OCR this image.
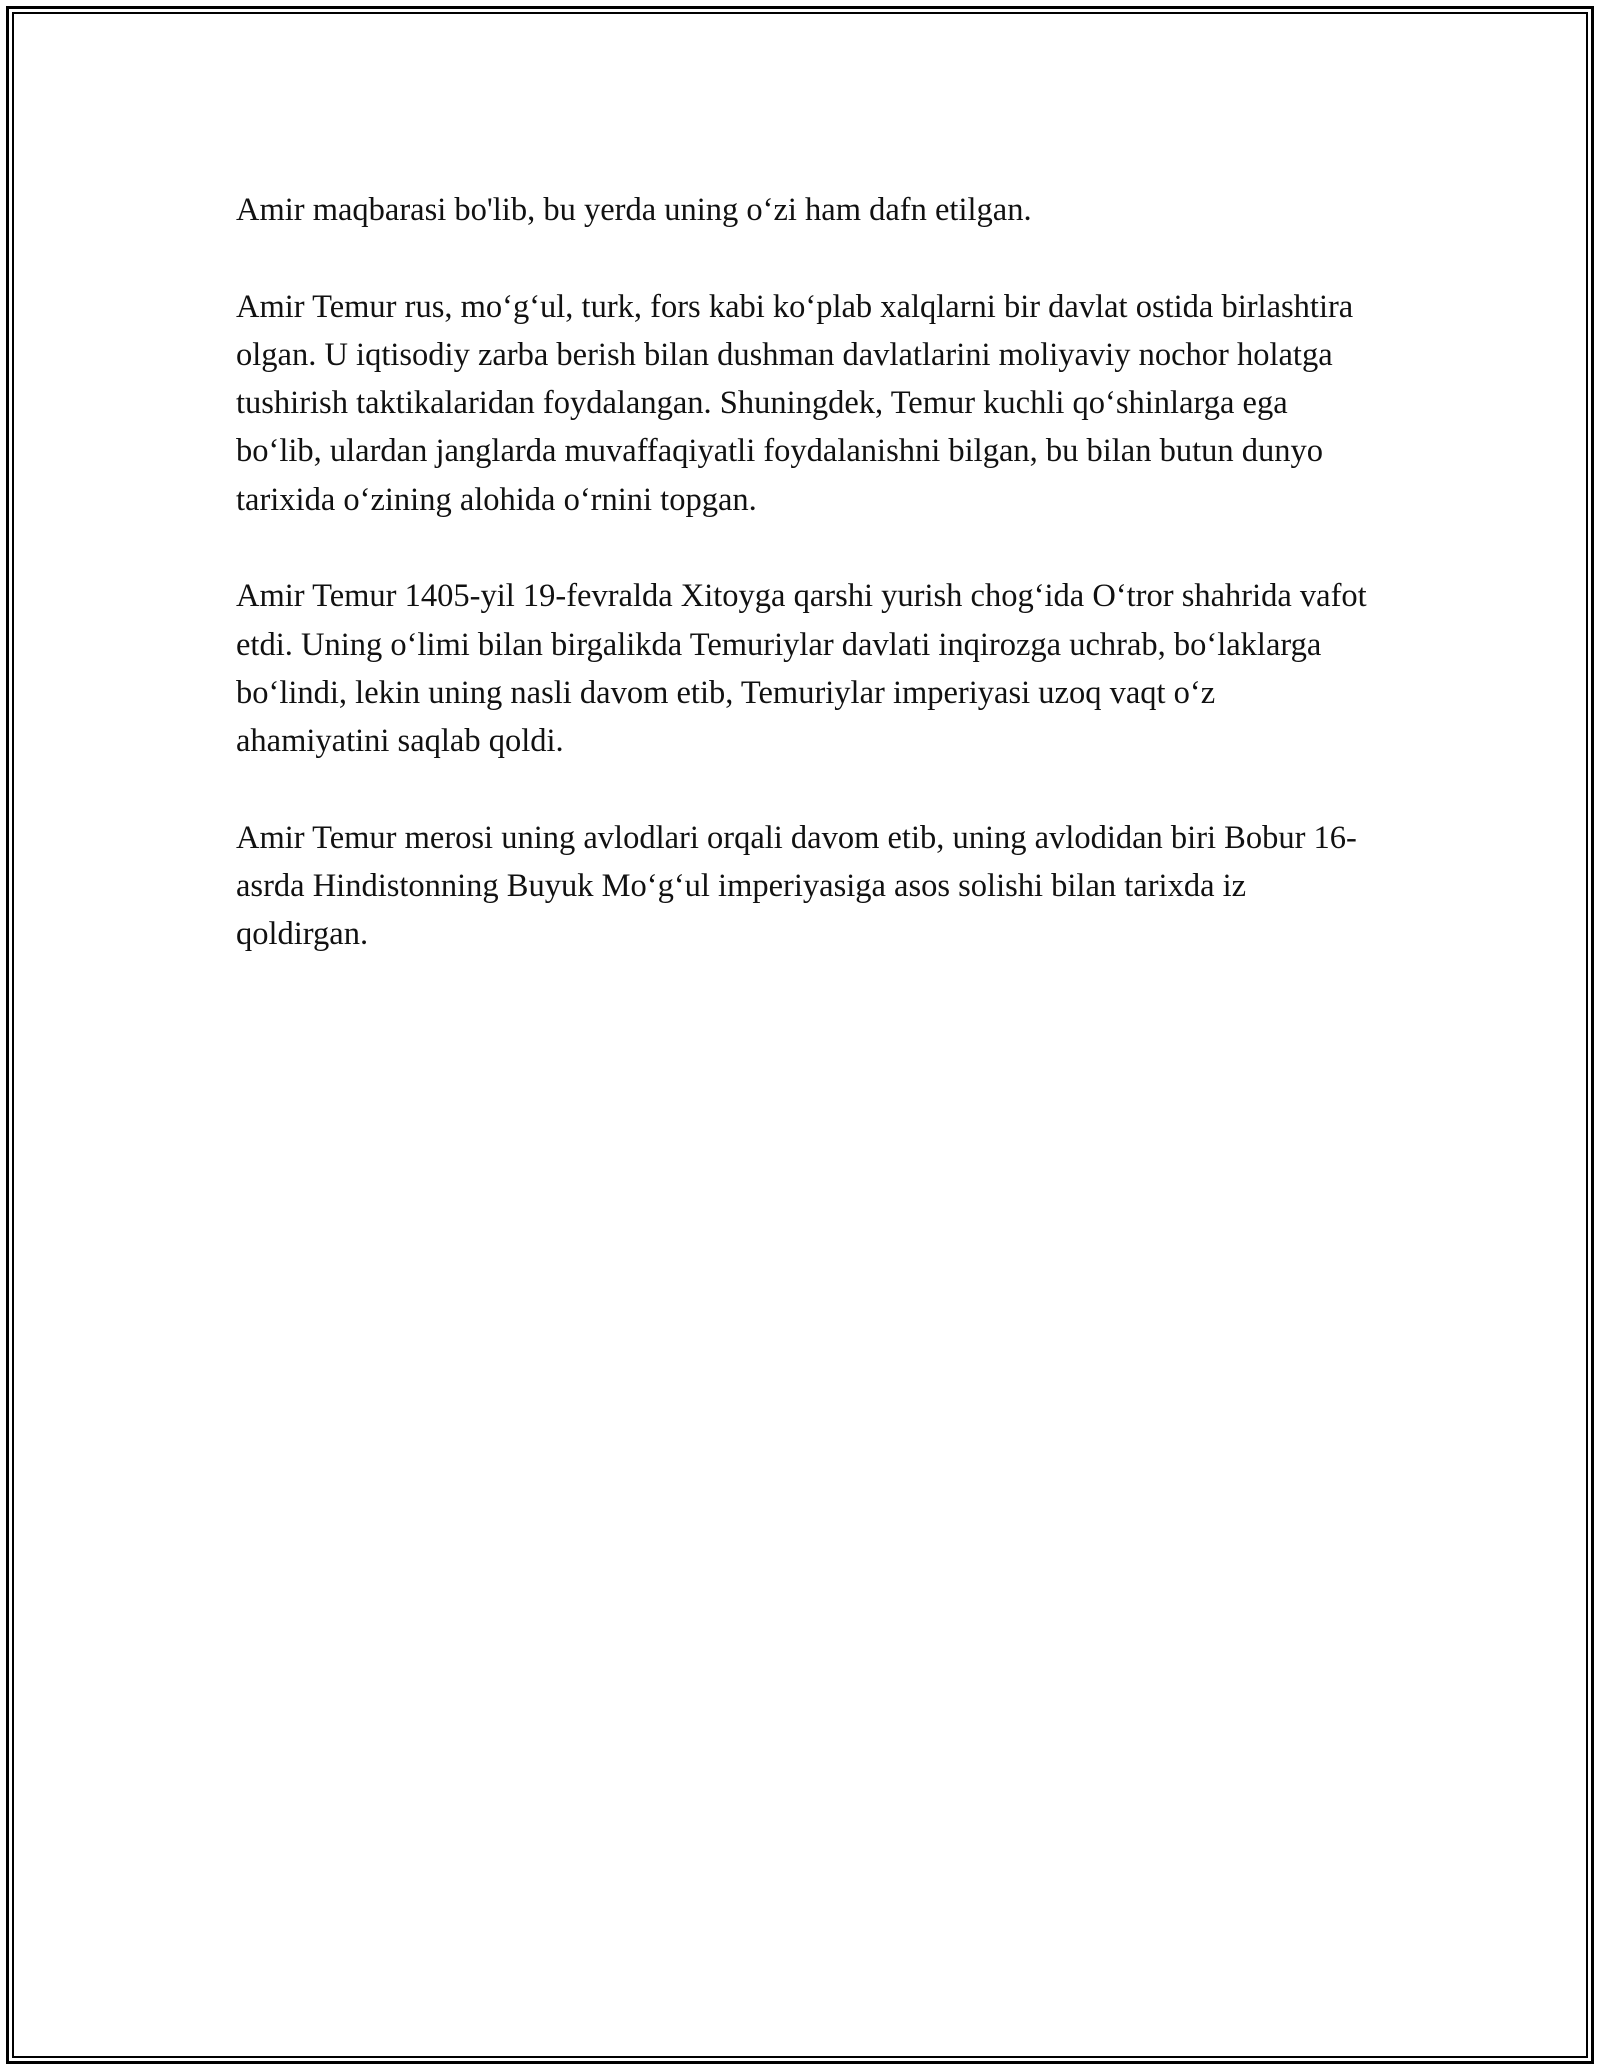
Amir maqbarasi bo'lib, bu yerda uning o‘zi ham dafn etilgan.

Amir Temur rus, mo‘g‘ul, turk, fors kabi ko‘plab xalqlarni bir davlat ostida birlashtira olgan. U iqtisodiy zarba berish bilan dushman davlatlarini moliyaviy nochor holatga tushirish taktikalaridan foydalangan. Shuningdek, Temur kuchli qo‘shinlarga ega bo‘lib, ulardan janglarda muvaffaqiyatli foydalanishni bilgan, bu bilan butun dunyo tarixida o‘zining alohida o‘rnini topgan.

Amir Temur 1405-yil 19-fevralda Xitoyga qarshi yurish chog‘ida O‘tror shahrida vafot etdi. Uning o‘limi bilan birgalikda Temuriylar davlati inqirozga uchrab, bo‘laklarga bo‘lindi, lekin uning nasli davom etib, Temuriylar imperiyasi uzoq vaqt o‘z ahamiyatini saqlab qoldi.

Amir Temur merosi uning avlodlari orqali davom etib, uning avlodidan biri Bobur 16-asrda Hindistonning Buyuk Mo‘g‘ul imperiyasiga asos solishi bilan tarixda iz qoldirgan.
